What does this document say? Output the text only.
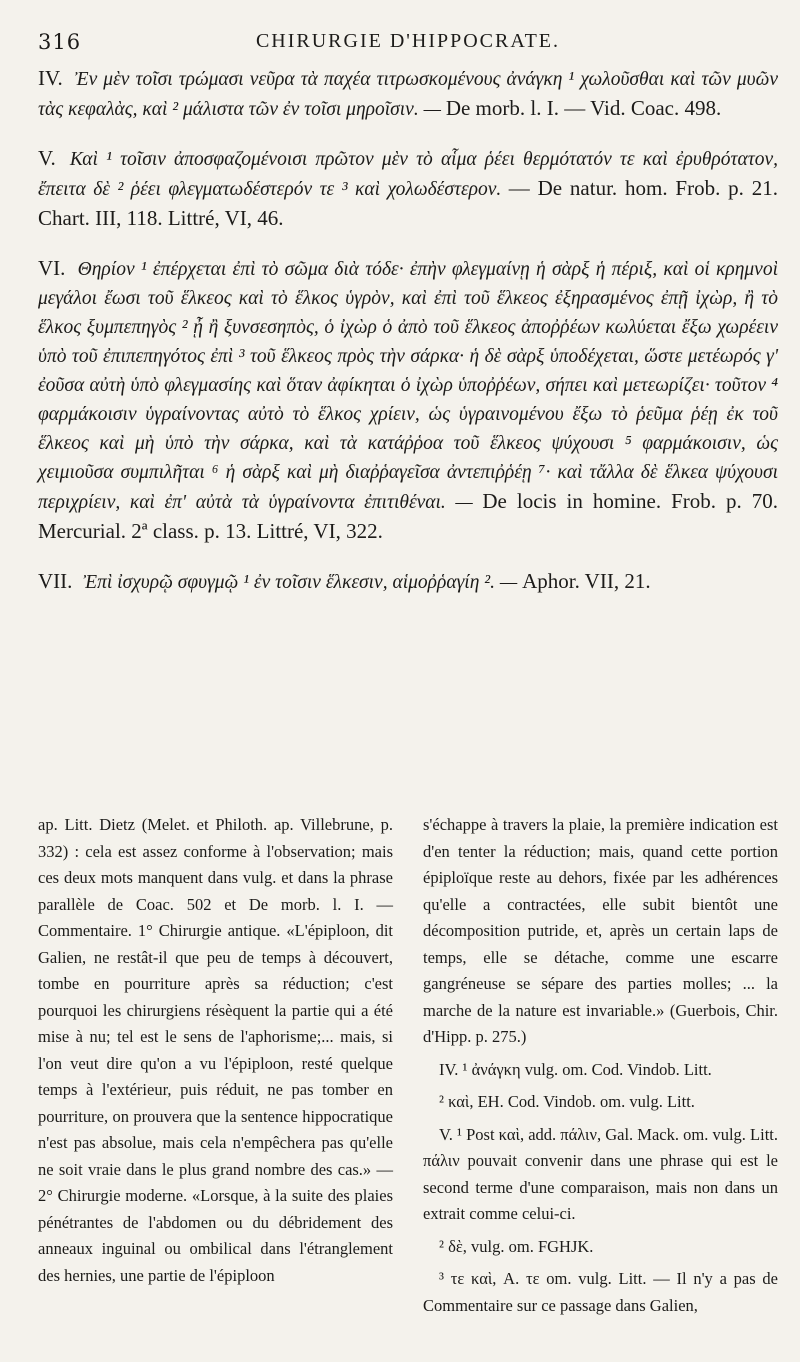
316	CHIRURGIE D'HIPPOCRATE.

IV. Ἐν μὲν τοῖσι τρώμασι νεῦρα τὰ παχέα τιτρωσκομένους ἀνάγκη ¹ χωλοῦσθαι καὶ τῶν μυῶν τὰς κεφαλὰς, καὶ ² μάλισ͏τα τῶν ἐν τοῖσι μηροῖσιν. — De morb. l. I. — Vid. Coac. 498.

V. Καὶ ¹ τοῖσιν ἀποσφαζομένοισι πρῶτον μὲν τὸ αἷμα ῥέει θερμότατόν τε καὶ ἐρυθρότατον, ἔπειτα δὲ ² ῥέει φλεγματωδέσ͏τερόν τε ³ καὶ χολωδέσ͏τερον. — De natur. hom. Frob. p. 21. Chart. III, 118. Littré, VI, 46.

VI. Θηρίον ¹ ἐπέρχεται ἐπὶ τὸ σῶμα διὰ τόδε· ἐπὴν φλεγμαίνῃ ἡ σὰρξ ἡ πέριξ, καὶ οἱ κρημνοὶ μεγάλοι ἔωσι τοῦ ἕλκεος καὶ τὸ ἕλκος ὑγρὸν, καὶ ἐπὶ τοῦ ἕλκεος ἐξηρασμένος ἐπῇ ἰχὼρ, ἢ τὸ ἕλκος ξυμπεπηγὸς ² ᾖ ἢ ξυνσεσηπὸς, ὁ ἰχὼρ ὁ ἀπὸ τοῦ ἕλκεος ἀποῤῥέων κωλύεται ἔξω χωρέειν ὑπὸ τοῦ ἐπιπεπηγότος ἐπὶ ³ τοῦ ἕλκεος πρὸς τὴν σάρκα· ἡ δὲ σὰρξ ὑποδέχεται, ὥσ͏τε μετέωρός γ' ἐοῦσα αὐτὴ ὑπὸ φλεγμασίης καὶ ὅταν ἀφίκηται ὁ ἰχὼρ ὑποῤῥέων, σήπει καὶ μετεωρίζει· τοῦτον ⁴ φαρμάκοισιν ὑγραίνοντας αὐτὸ τὸ ἕλκος χρίειν, ὡς ὑγραινομένου ἔξω τὸ ῥεῦμα ῥέῃ ἐκ τοῦ ἕλκεος καὶ μὴ ὑπὸ τὴν σάρκα, καὶ τὰ κατάῤῥοα τοῦ ἕλκεος ψύχουσι ⁵ φαρμάκοισιν, ὡς χειμιοῦσα συμπιλῆται ⁶ ἡ σὰρξ καὶ μὴ διαῤῥαγεῖσα ἀντεπιῤῥέῃ ⁷· καὶ τἄλλα δὲ ἕλκεα ψύχουσι περιχρίειν, καὶ ἐπ' αὐτὰ τὰ ὑγραίνοντα ἐπιτιθέναι. — De locis in homine. Frob. p. 70. Mercurial. 2ª class. p. 13. Littré, VI, 322.

VII. Ἐπὶ ἰσχυρῷ σφυγμῷ ¹ ἐν τοῖσιν ἕλκεσιν, αἱμοῤῥαγίη ². — Aphor. VII, 21.

ap. Litt. Dietz (Melet. et Philoth. ap. Villebrune, p. 332) : cela est assez conforme à l'observation; mais ces deux mots manquent dans vulg. et dans la phrase parallèle de Coac. 502 et De morb. l. I. — Commentaire. 1° Chirurgie antique. «L'épiploon, dit Galien, ne restât-il que peu de temps à découvert, tombe en pourriture après sa réduction; c'est pourquoi les chirurgiens résèquent la partie qui a été mise à nu; tel est le sens de l'aphorisme;... mais, si l'on veut dire qu'on a vu l'épiploon, resté quelque temps à l'extérieur, puis réduit, ne pas tomber en pourriture, on prouvera que la sentence hippocratique n'est pas absolue, mais cela n'empêchera pas qu'elle ne soit vraie dans le plus grand nombre des cas.» — 2° Chirurgie moderne. «Lorsque, à la suite des plaies pénétrantes de l'abdomen ou du débridement des anneaux inguinal ou ombilical dans l'étranglement des hernies, une partie de l'épiploon

s'échappe à travers la plaie, la première indication est d'en tenter la réduction; mais, quand cette portion épiploïque reste au dehors, fixée par les adhérences qu'elle a contractées, elle subit bientôt une décomposition putride, et, après un certain laps de temps, elle se détache, comme une escarre gangréneuse se sépare des parties molles; ... la marche de la nature est invariable.» (Guerbois, Chir. d'Hipp. p. 275.)

IV. ¹ ἀνάγκη vulg. om. Cod. Vindob. Litt.

² καὶ, EH. Cod. Vindob. om. vulg. Litt.

V. ¹ Post καὶ, add. πάλιν, Gal. Mack. om. vulg. Litt. πάλιν pouvait convenir dans une phrase qui est le second terme d'une comparaison, mais non dans un extrait comme celui-ci.

² δὲ, vulg. om. FGHJK.

³ τε καὶ, A. τε om. vulg. Litt. — Il n'y a pas de Commentaire sur ce passage dans Galien,
